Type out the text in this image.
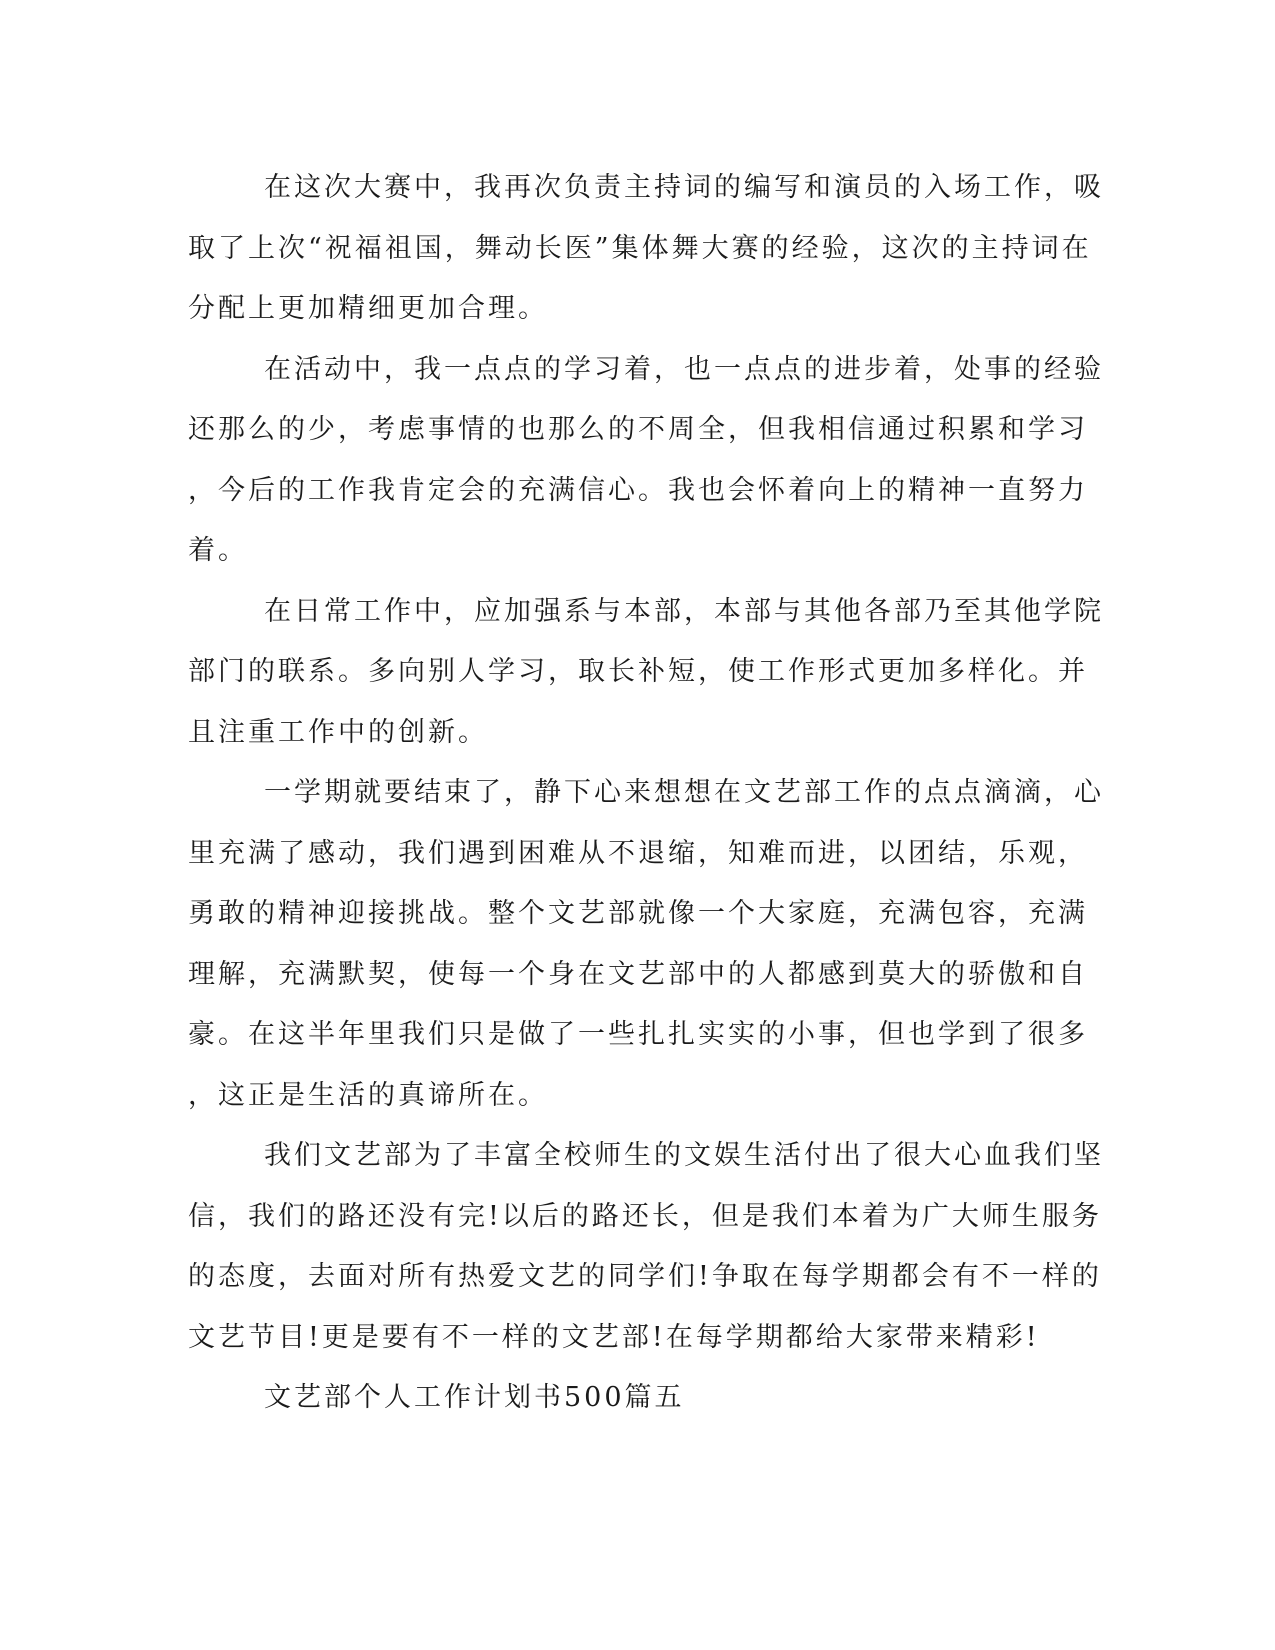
在这次大赛中，我再次负责主持词的编写和演员的入场工作，吸
取了上次“祝福祖国，舞动长医”集体舞大赛的经验，这次的主持词在
分配上更加精细更加合理。
在活动中，我一点点的学习着，也一点点的进步着，处事的经验
还那么的少，考虑事情的也那么的不周全，但我相信通过积累和学习
，今后的工作我肯定会的充满信心。我也会怀着向上的精神一直努力
着。
在日常工作中，应加强系与本部，本部与其他各部乃至其他学院
部门的联系。多向别人学习，取长补短，使工作形式更加多样化。并
且注重工作中的创新。
一学期就要结束了，静下心来想想在文艺部工作的点点滴滴，心
里充满了感动，我们遇到困难从不退缩，知难而进，以团结，乐观，
勇敢的精神迎接挑战。整个文艺部就像一个大家庭，充满包容，充满
理解，充满默契，使每一个身在文艺部中的人都感到莫大的骄傲和自
豪。在这半年里我们只是做了一些扎扎实实的小事，但也学到了很多
，这正是生活的真谛所在。
我们文艺部为了丰富全校师生的文娱生活付出了很大心血我们坚
信，我们的路还没有完!以后的路还长，但是我们本着为广大师生服务
的态度，去面对所有热爱文艺的同学们!争取在每学期都会有不一样的
文艺节目!更是要有不一样的文艺部!在每学期都给大家带来精彩!
文艺部个人工作计划书500篇五
